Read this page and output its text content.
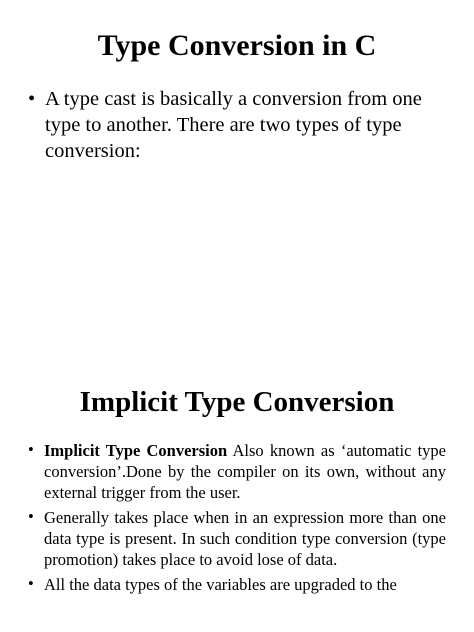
Type Conversion in C
• A type cast is basically a conversion from one type to another. There are two types of type conversion:
Implicit Type Conversion
• Implicit Type Conversion Also known as ‘automatic type conversion’.Done by the compiler on its own, without any external trigger from the user.
• Generally takes place when in an expression more than one data type is present. In such condition type conversion (type promotion) takes place to avoid lose of data.
• All the data types of the variables are upgraded to the
